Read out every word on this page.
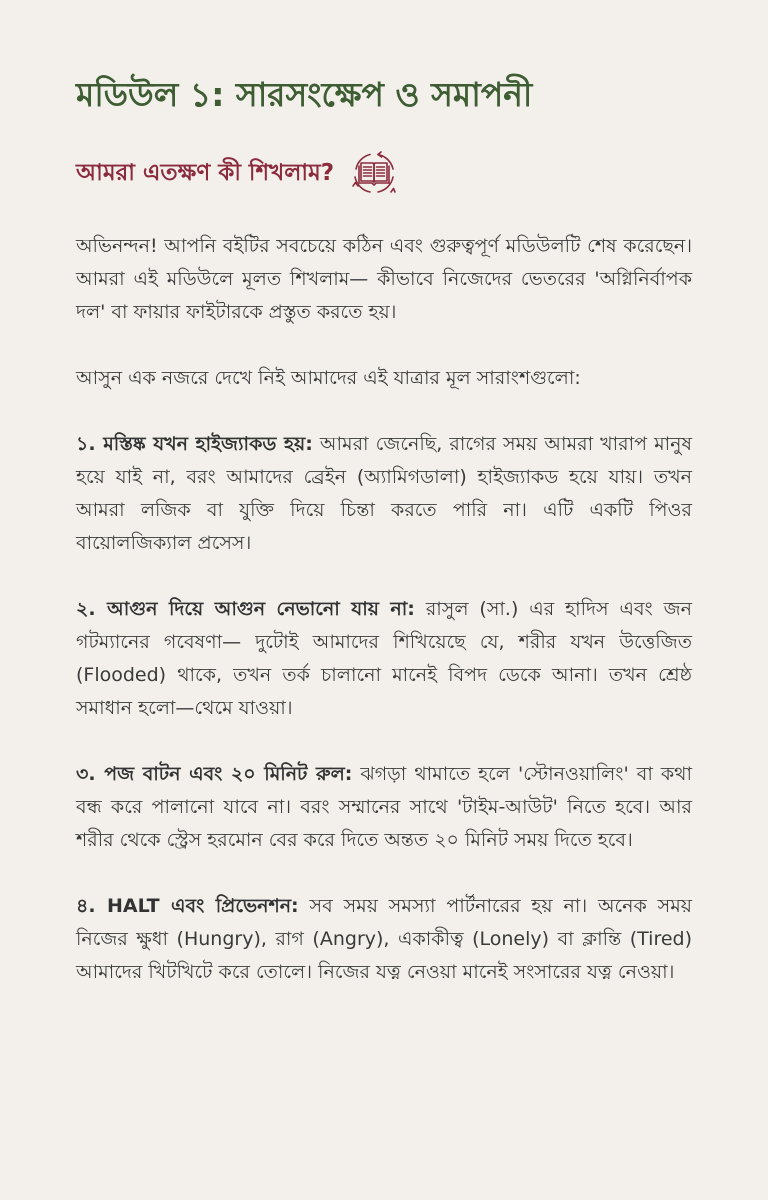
মডিউল ১: সারসংক্ষেপ ও সমাপনী
আমরা এতক্ষণ কী শিখলাম?

অভিনন্দন! আপনি বইটির সবচেয়ে কঠিন এবং গুরুত্বপূর্ণ মডিউলটি শেষ করেছেন। আমরা এই মডিউলে মূলত শিখলাম— কীভাবে নিজেদের ভেতরের 'অগ্নিনির্বাপক দল' বা ফায়ার ফাইটারকে প্রস্তুত করতে হয়।

আসুন এক নজরে দেখে নিই আমাদের এই যাত্রার মূল সারাংশগুলো:

১. মস্তিষ্ক যখন হাইজ্যাকড হয়: আমরা জেনেছি, রাগের সময় আমরা খারাপ মানুষ হয়ে যাই না, বরং আমাদের ব্রেইন (অ্যামিগডালা) হাইজ্যাকড হয়ে যায়। তখন আমরা লজিক বা যুক্তি দিয়ে চিন্তা করতে পারি না। এটি একটি পিওর বায়োলজিক্যাল প্রসেস।

২. আগুন দিয়ে আগুন নেভানো যায় না: রাসুল (সা.) এর হাদিস এবং জন গটম্যানের গবেষণা— দুটোই আমাদের শিখিয়েছে যে, শরীর যখন উত্তেজিত (Flooded) থাকে, তখন তর্ক চালানো মানেই বিপদ ডেকে আনা। তখন শ্রেষ্ঠ সমাধান হলো—থেমে যাওয়া।

৩. পজ বাটন এবং ২০ মিনিট রুল: ঝগড়া থামাতে হলে 'স্টোনওয়ালিং' বা কথা বন্ধ করে পালানো যাবে না। বরং সম্মানের সাথে 'টাইম-আউট' নিতে হবে। আর শরীর থেকে স্ট্রেস হরমোন বের করে দিতে অন্তত ২০ মিনিট সময় দিতে হবে।

৪. HALT এবং প্রিভেনশন: সব সময় সমস্যা পার্টনারের হয় না। অনেক সময় নিজের ক্ষুধা (Hungry), রাগ (Angry), একাকীত্ব (Lonely) বা ক্লান্তি (Tired) আমাদের খিটখিটে করে তোলে। নিজের যত্ন নেওয়া মানেই সংসারের যত্ন নেওয়া।
